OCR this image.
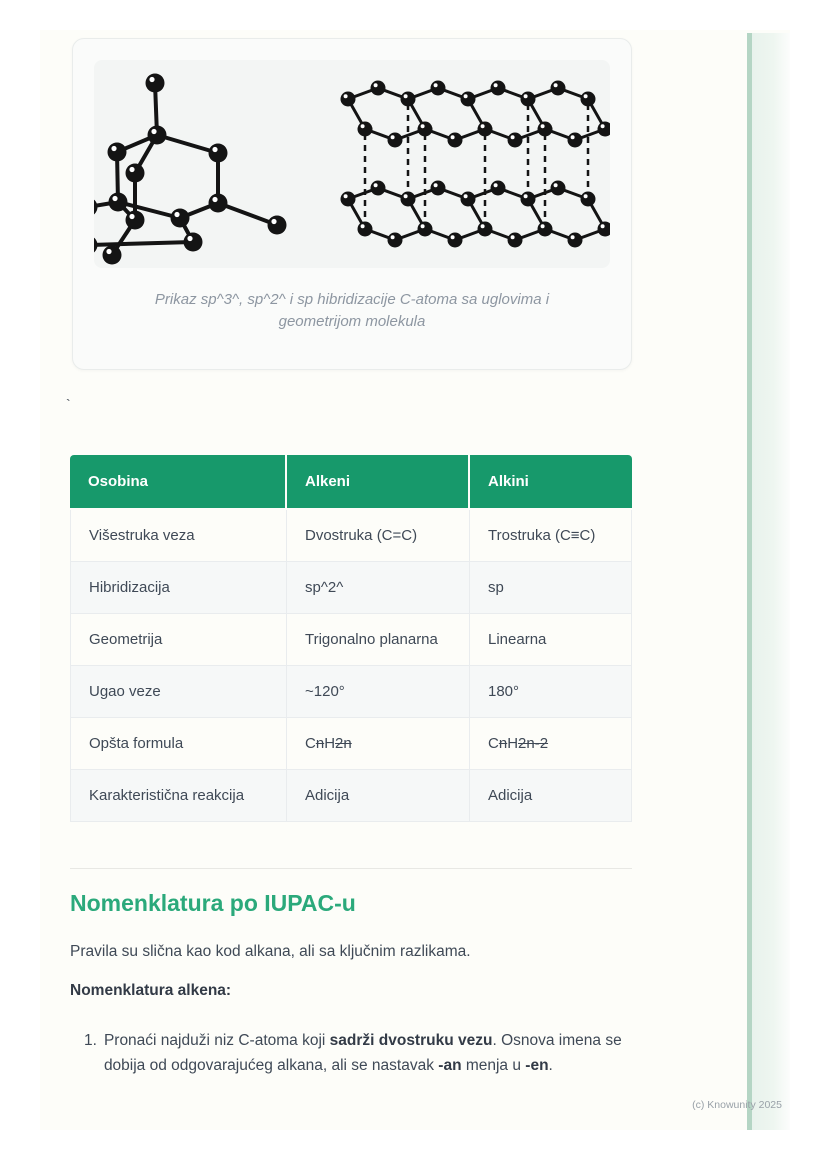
Prikaz sp^3^, sp^2^ i sp hibridizacije C-atoma sa uglovima i geometrijom molekula
`
Osobina	Alkeni	Alkini
Višestruka veza	Dvostruka (C=C)	Trostruka (C≡C)
Hibridizacija	sp^2^	sp
Geometrija	Trigonalno planarna	Linearna
Ugao veze	~120°	180°
Opšta formula	CnH2n	CnH2n-2
Karakteristična reakcija	Adicija	Adicija
Nomenklatura po IUPAC-u

Pravila su slična kao kod alkana, ali sa ključnim razlikama.

Nomenklatura alkena:

1. Pronaći najduži niz C-atoma koji sadrži dvostruku vezu. Osnova imena se dobija od odgovarajućeg alkana, ali se nastavak -an menja u -en.
(c) Knowunity 2025
